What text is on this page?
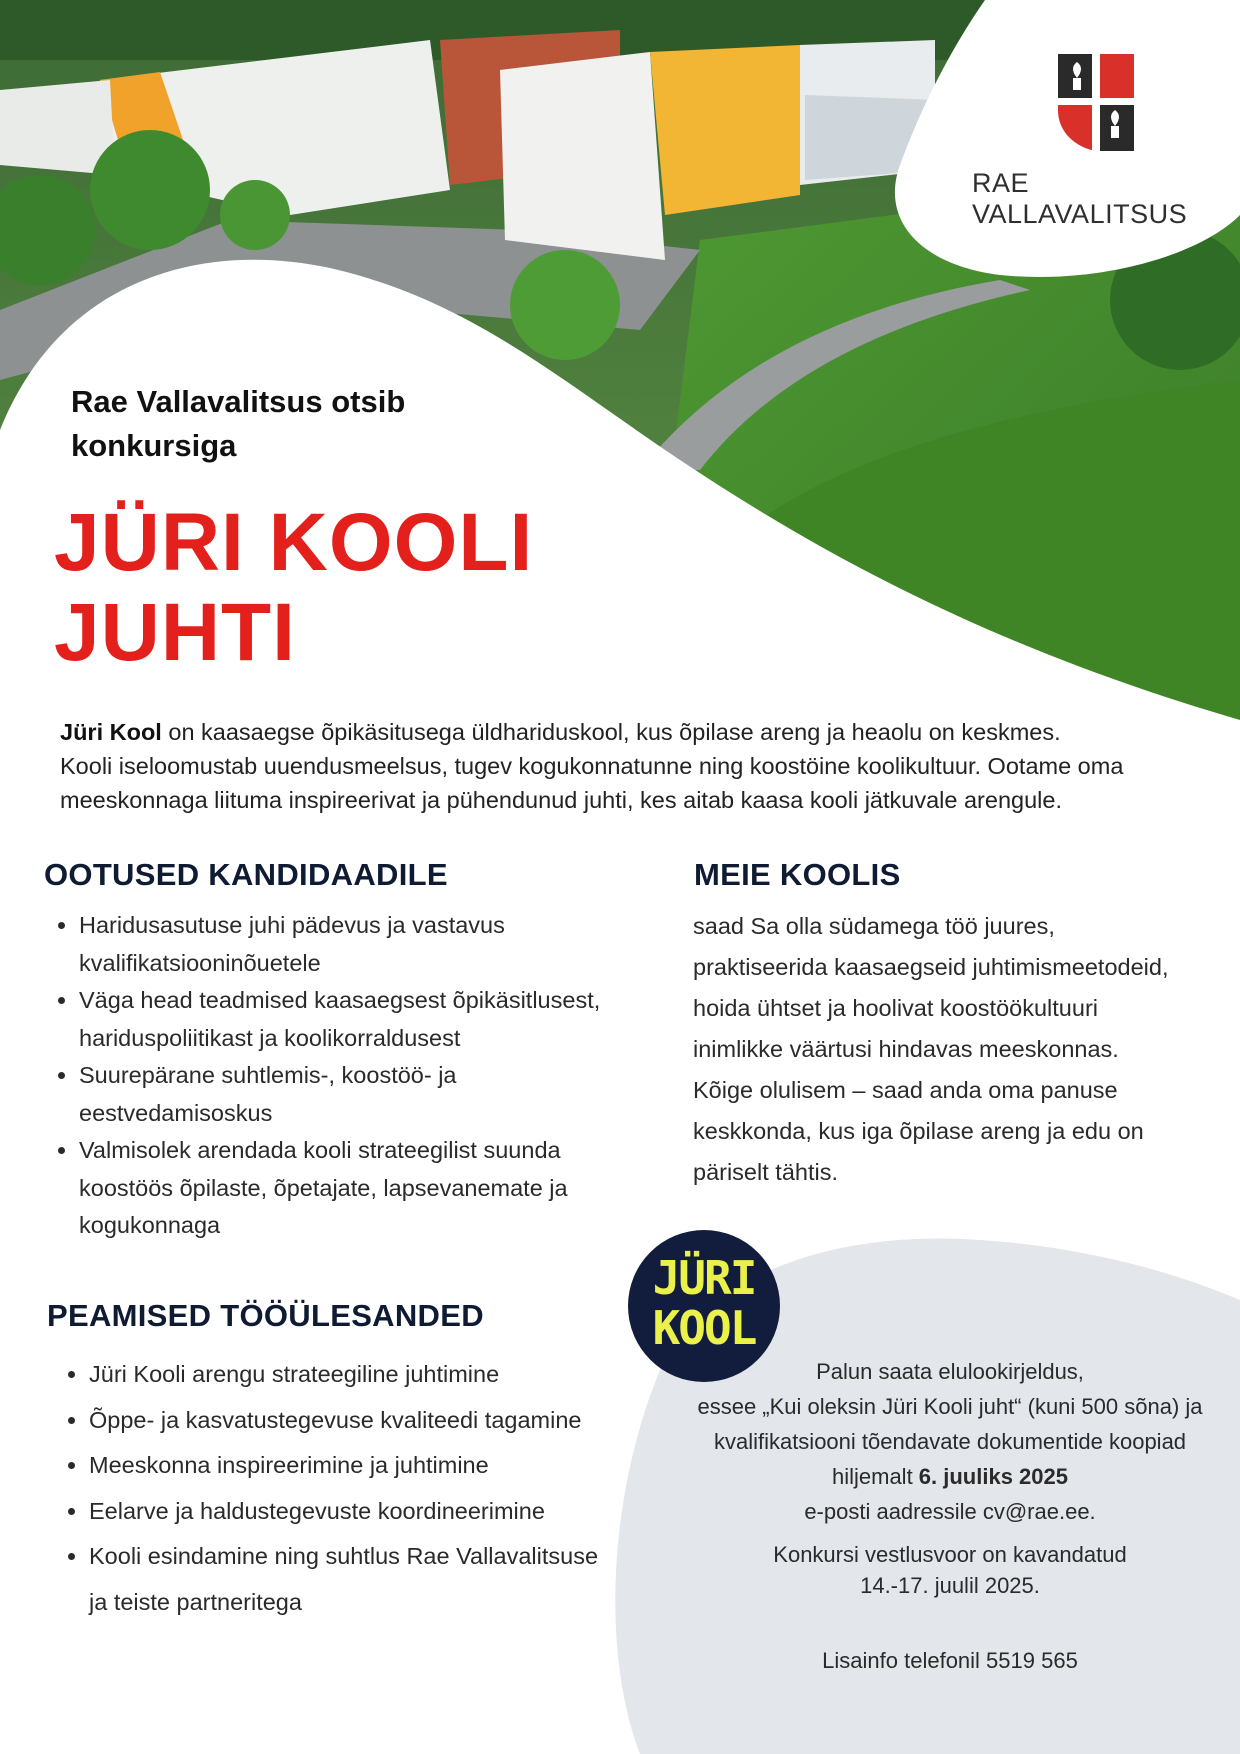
RAE VALLAVALITSUS
Rae Vallavalitsus otsib
konkursiga
JÜRI KOOLI
JUHTI
Jüri Kool on kaasaegse õpikäsitusega üldhariduskool, kus õpilase areng ja heaolu on keskmes.
Kooli iseloomustab uuendusmeelsus, tugev kogukonnatunne ning koostöine koolikultuur. Ootame oma
meeskonnaga liituma inspireerivat ja pühendunud juhti, kes aitab kaasa kooli jätkuvale arengule.
OOTUSED KANDIDAADILE
• Haridusasutuse juhi pädevus ja vastavus
kvalifikatsiooninõuetele
• Väga head teadmised kaasaegsest õpikäsitlusest,
hariduspoliitikast ja koolikorraldusest
• Suurepärane suhtlemis-, koostöö- ja
eestvedamisoskus
• Valmisolek arendada kooli strateegilist suunda
koostöös õpilaste, õpetajate, lapsevanemate ja
kogukonnaga
MEIE KOOLIS
saad Sa olla südamega töö juures,
praktiseerida kaasaegseid juhtimismeetodeid,
hoida ühtset ja hoolivat koostöökultuuri
inimlikke väärtusi hindavas meeskonnas.
Kõige olulisem – saad anda oma panuse
keskkonda, kus iga õpilase areng ja edu on
päriselt tähtis.
JÜRI
KOOL
Palun saata elulookirjeldus,
essee „Kui oleksin Jüri Kooli juht“ (kuni 500 sõna) ja
kvalifikatsiooni tõendavate dokumentide koopiad
hiljemalt 6. juuliks 2025
e-posti aadressile cv@rae.ee.
Konkursi vestlusvoor on kavandatud
14.-17. juulil 2025.
Lisainfo telefonil 5519 565
PEAMISED TÖÖÜLESANDED
• Jüri Kooli arengu strateegiline juhtimine
• Õppe- ja kasvatustegevuse kvaliteedi tagamine
• Meeskonna inspireerimine ja juhtimine
• Eelarve ja haldustegevuste koordineerimine
• Kooli esindamine ning suhtlus Rae Vallavalitsuse
ja teiste partneritega
